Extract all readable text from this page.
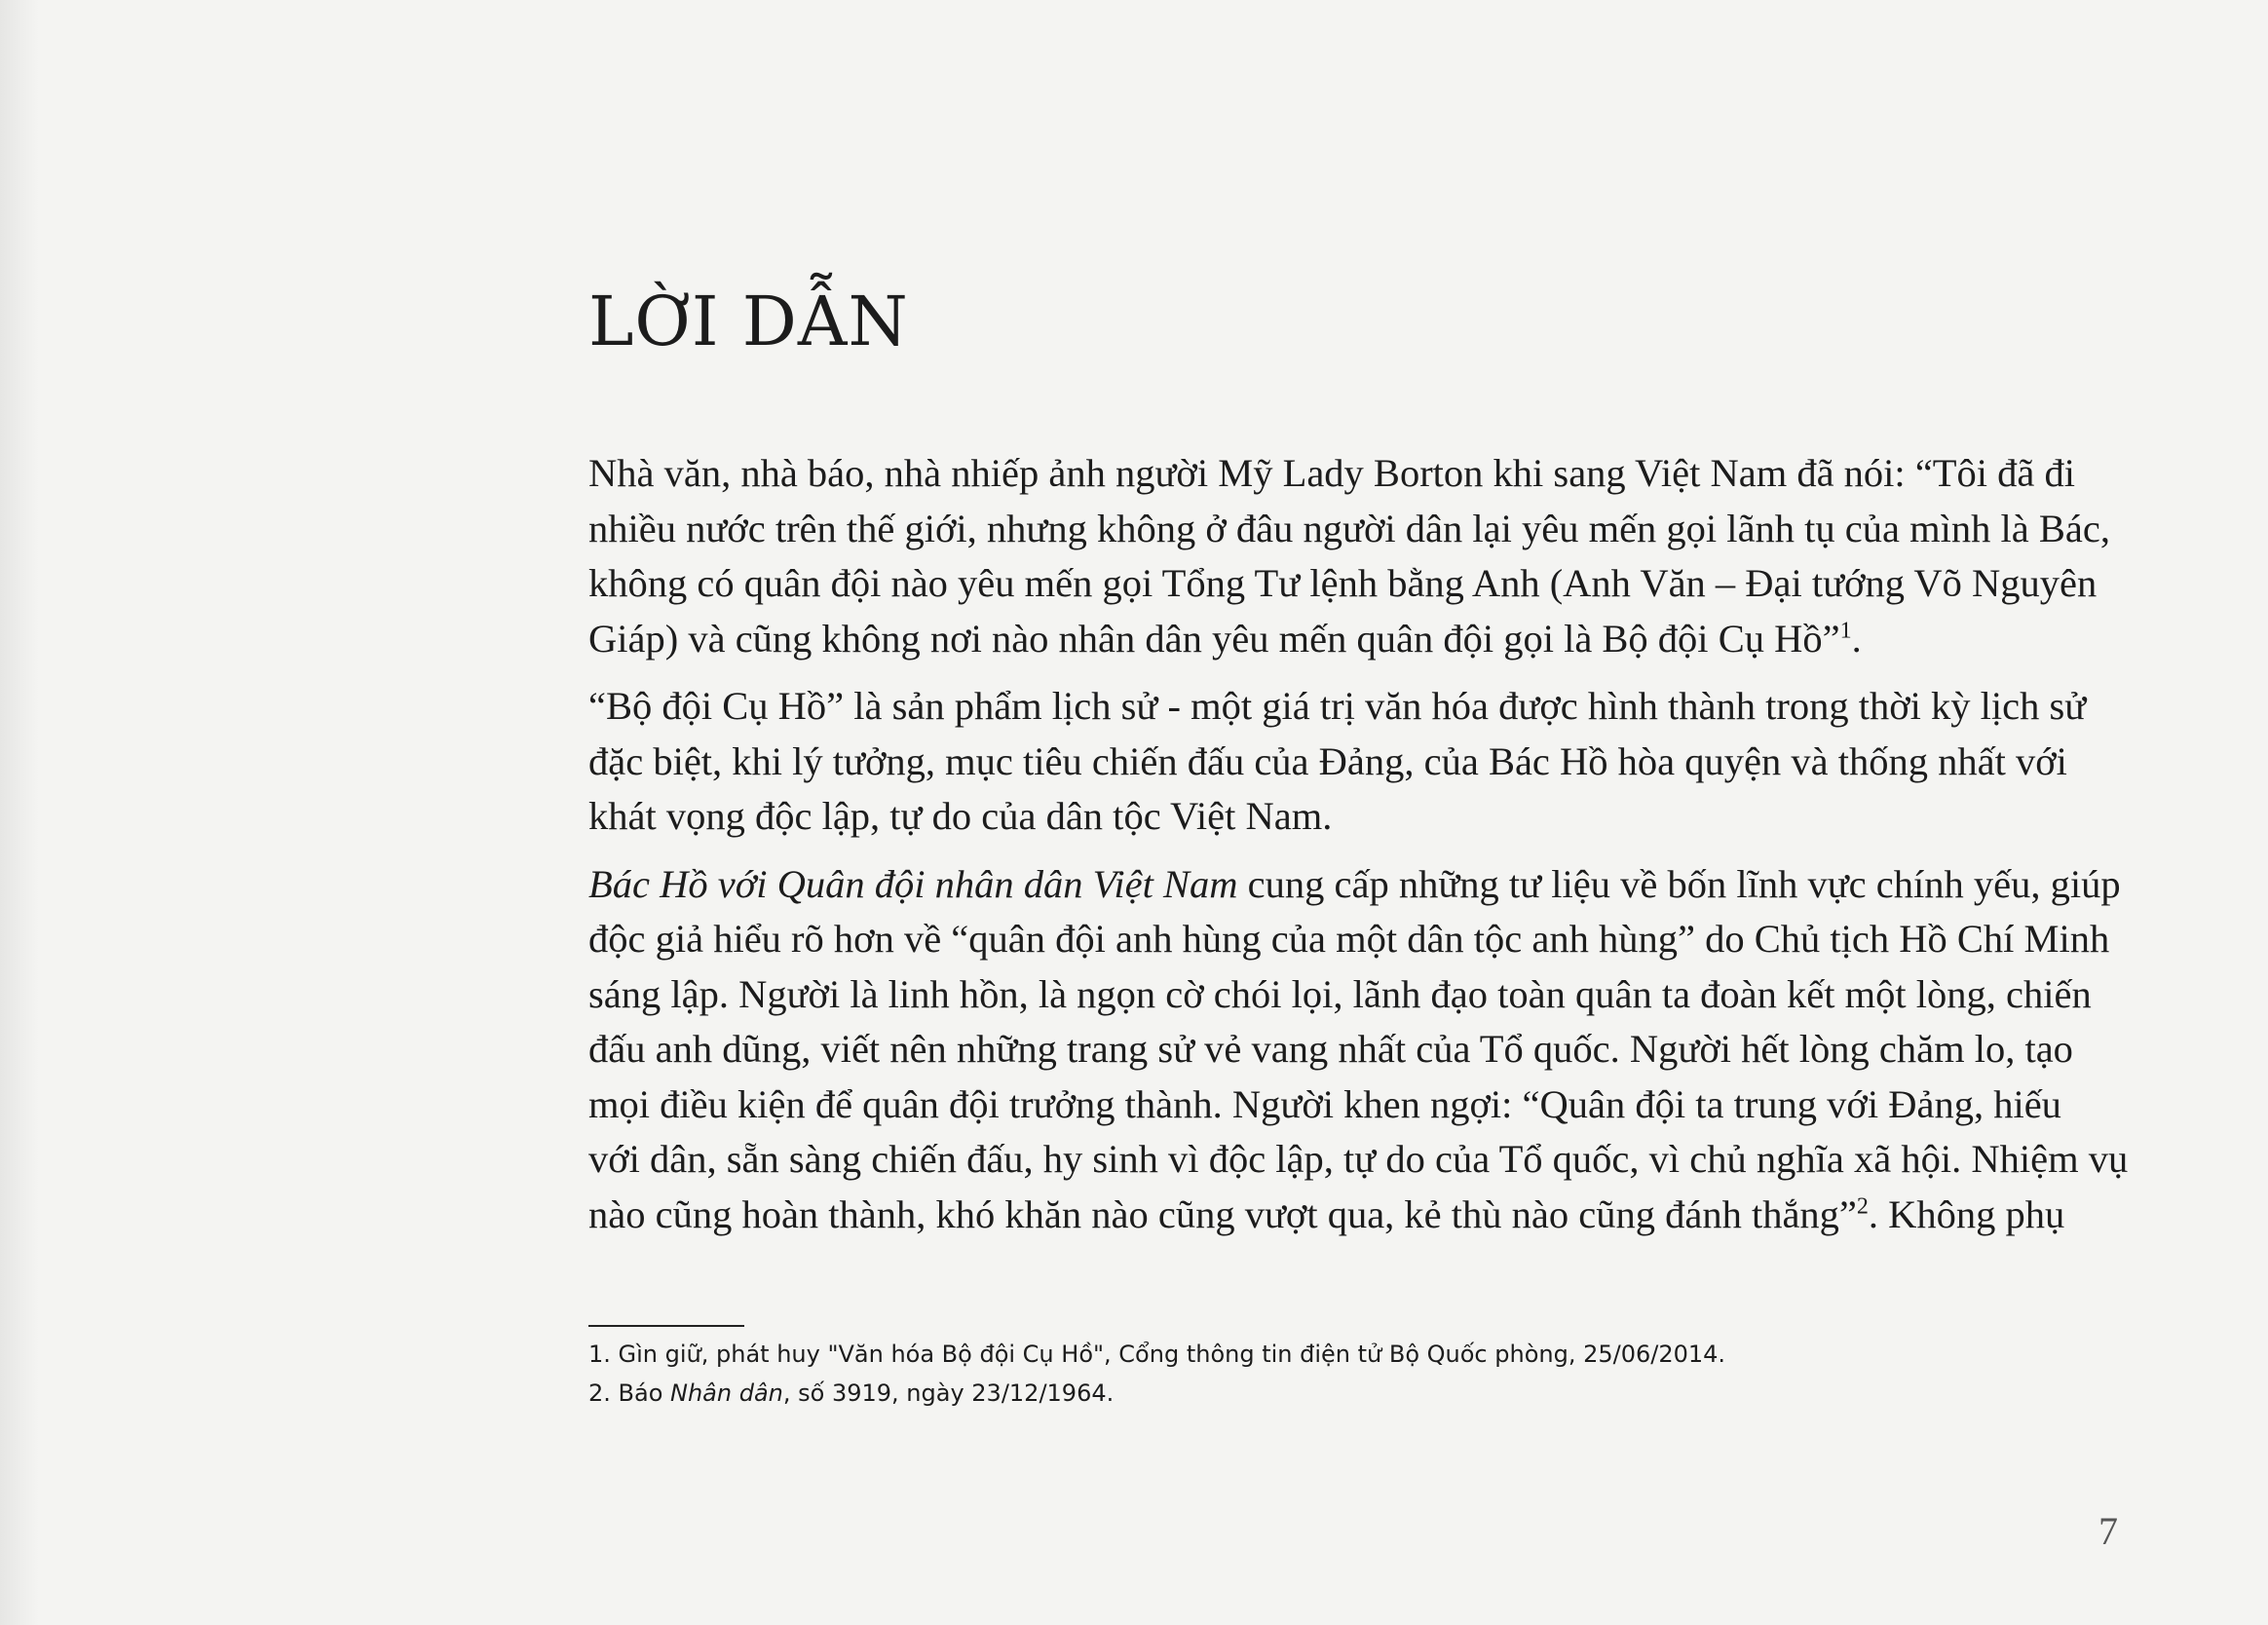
LỜI DẪN

Nhà văn, nhà báo, nhà nhiếp ảnh người Mỹ Lady Borton khi sang Việt Nam đã nói: “Tôi đã đi
nhiều nước trên thế giới, nhưng không ở đâu người dân lại yêu mến gọi lãnh tụ của mình là Bác,
không có quân đội nào yêu mến gọi Tổng Tư lệnh bằng Anh (Anh Văn – Đại tướng Võ Nguyên
Giáp) và cũng không nơi nào nhân dân yêu mến quân đội gọi là Bộ đội Cụ Hồ”$^1$.

“Bộ đội Cụ Hồ” là sản phẩm lịch sử - một giá trị văn hóa được hình thành trong thời kỳ lịch sử
đặc biệt, khi lý tưởng, mục tiêu chiến đấu của Đảng, của Bác Hồ hòa quyện và thống nhất với
khát vọng độc lập, tự do của dân tộc Việt Nam.

Bác Hồ với Quân đội nhân dân Việt Nam cung cấp những tư liệu về bốn lĩnh vực chính yếu, giúp
độc giả hiểu rõ hơn về “quân đội anh hùng của một dân tộc anh hùng” do Chủ tịch Hồ Chí Minh
sáng lập. Người là linh hồn, là ngọn cờ chói lọi, lãnh đạo toàn quân ta đoàn kết một lòng, chiến
đấu anh dũng, viết nên những trang sử vẻ vang nhất của Tổ quốc. Người hết lòng chăm lo, tạo
mọi điều kiện để quân đội trưởng thành. Người khen ngợi: “Quân đội ta trung với Đảng, hiếu
với dân, sẵn sàng chiến đấu, hy sinh vì độc lập, tự do của Tổ quốc, vì chủ nghĩa xã hội. Nhiệm vụ
nào cũng hoàn thành, khó khăn nào cũng vượt qua, kẻ thù nào cũng đánh thắng”$^2$. Không phụ

1. Gìn giữ, phát huy "Văn hóa Bộ đội Cụ Hồ", Cổng thông tin điện tử Bộ Quốc phòng, 25/06/2014.
2. Báo Nhân dân, số 3919, ngày 23/12/1964.
7
